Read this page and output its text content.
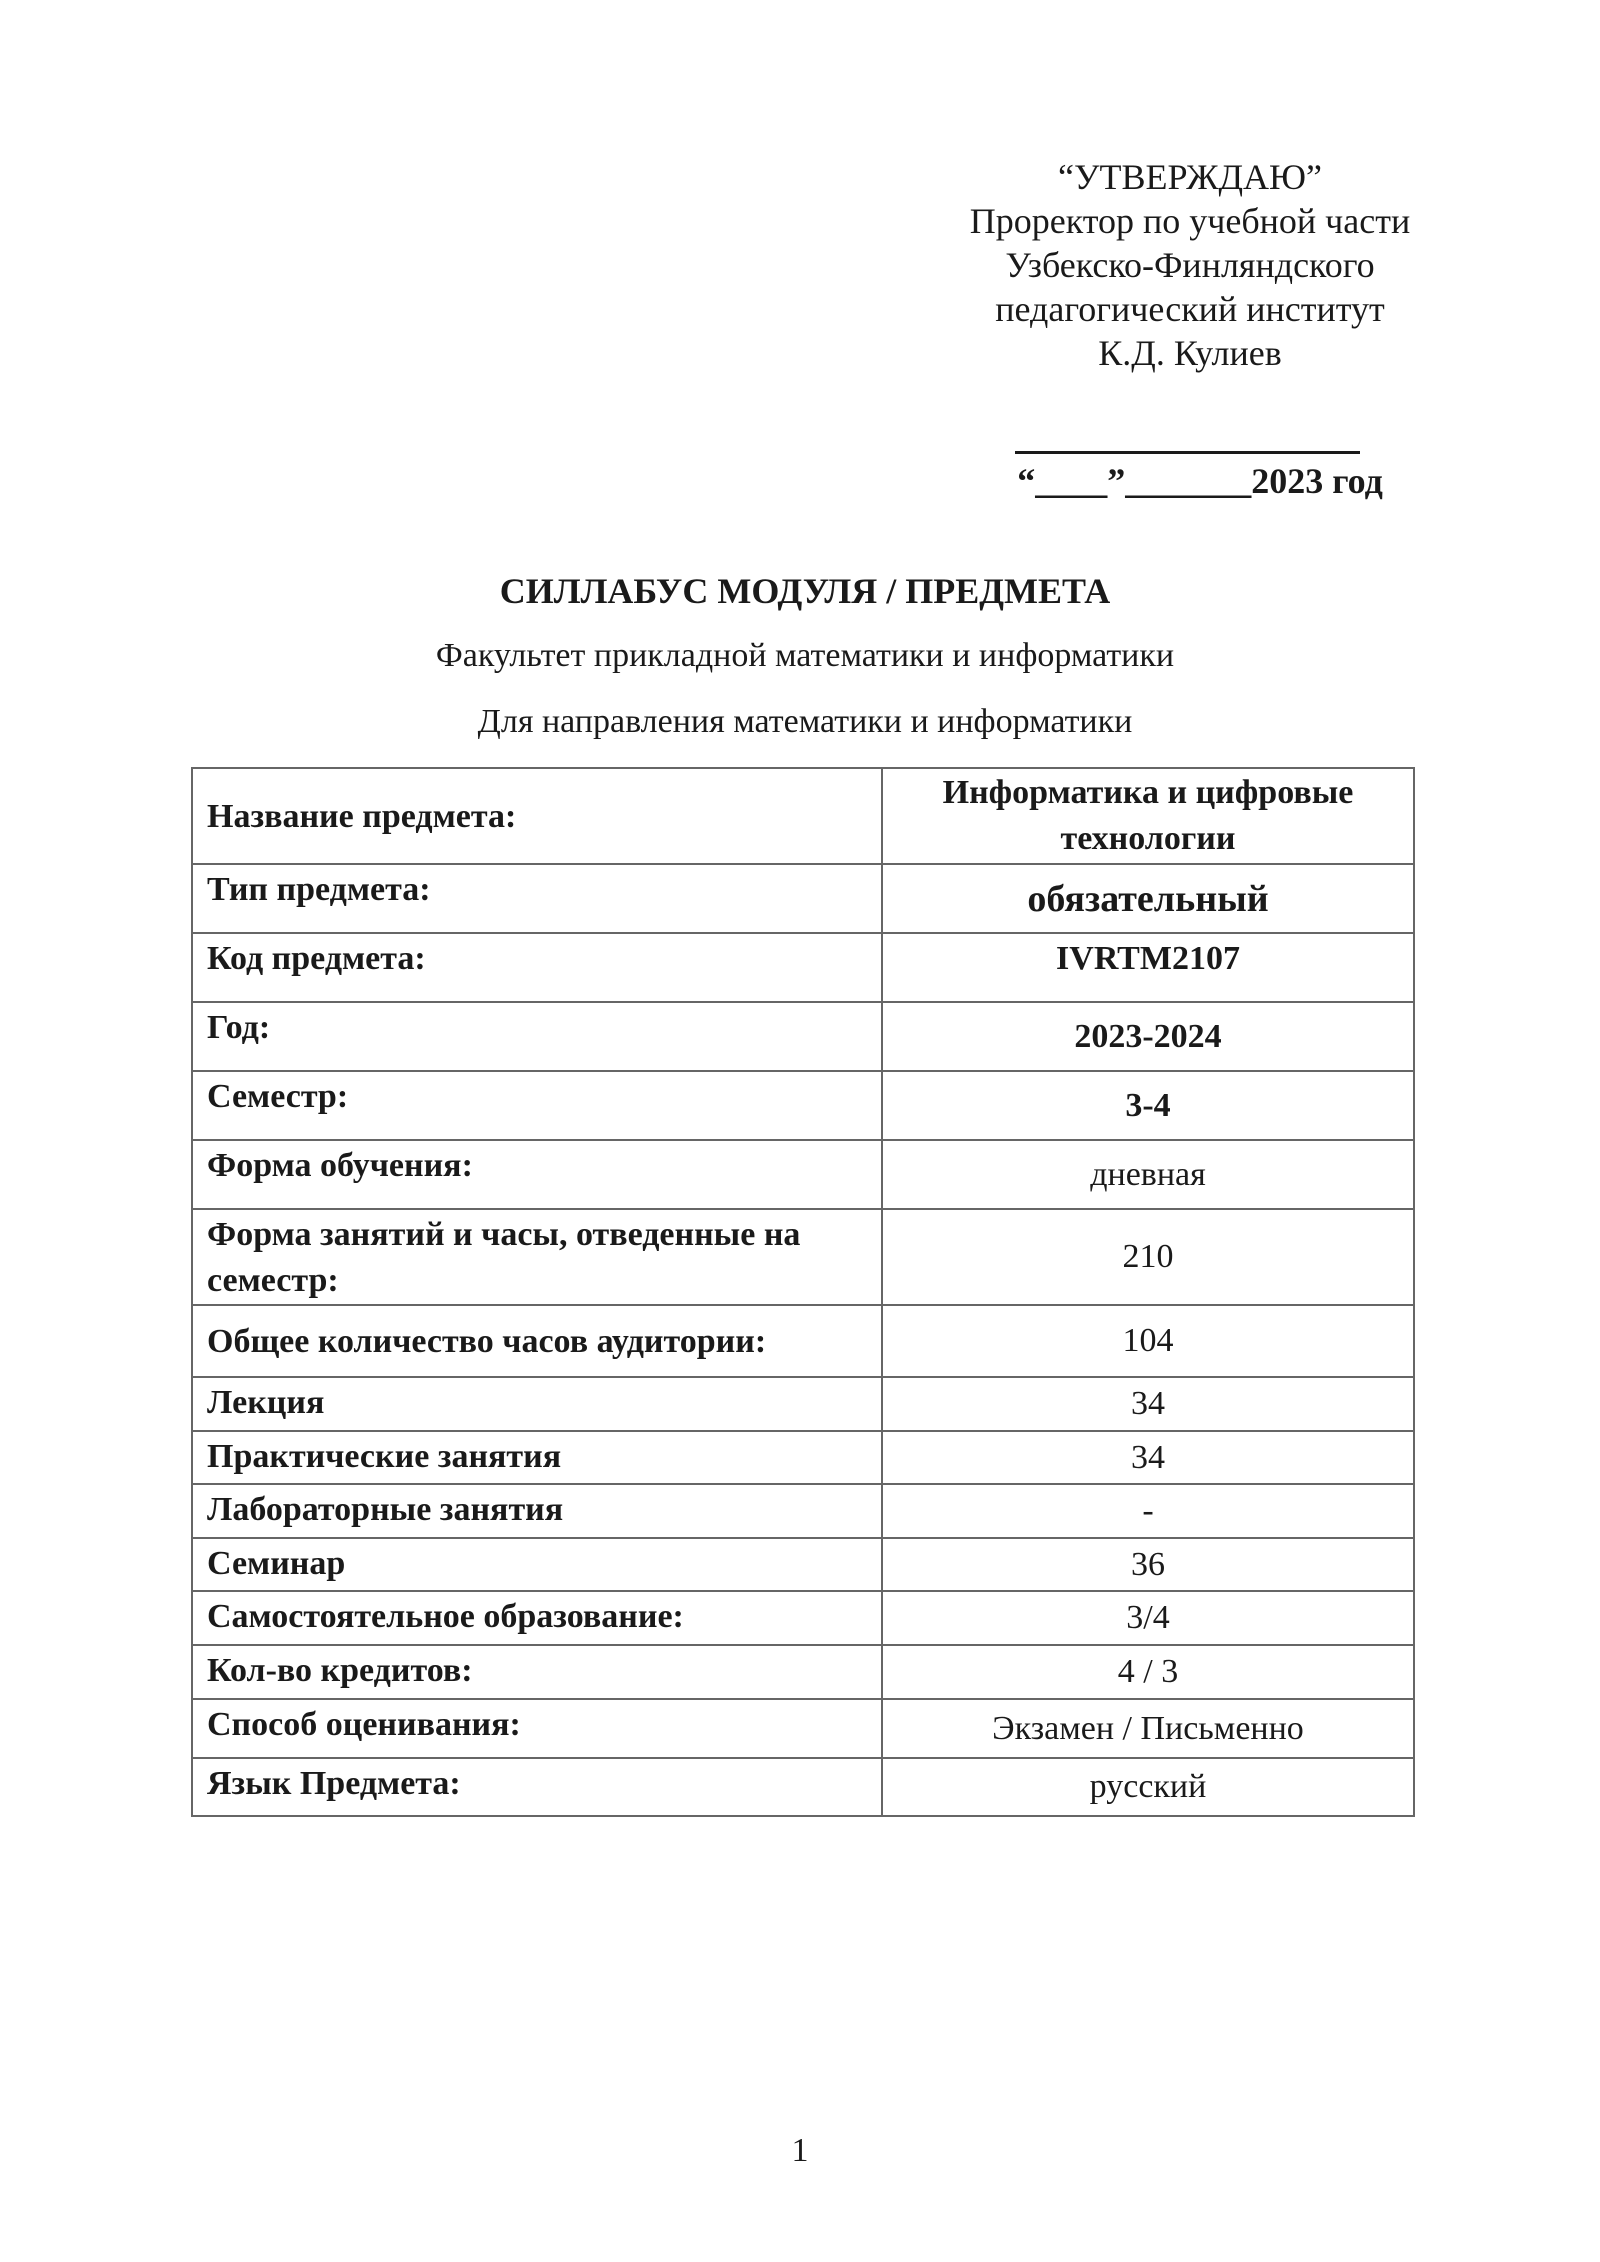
“УТВЕРЖДАЮ”
Проректор по учебной части
Узбекско-Финляндского
педагогический институт
К.Д. Кулиев
“____”_______2023 год
СИЛЛАБУС МОДУЛЯ / ПРЕДМЕТА
Факультет прикладной математики и информатики
Для направления математики и информатики
Название предмета:	Информатика и цифровые технологии
Тип предмета:	обязательный
Код предмета:	IVRTM2107
Год:	2023-2024
Семестр:	3-4
Форма обучения:	дневная
Форма занятий и часы, отведенные на семестр:	210
Общее количество часов аудитории:	104
Лекция	34
Практические занятия	34
Лабораторные занятия	-
Семинар	36
Самостоятельное образование:	3/4
Кол-во кредитов:	4 / 3
Способ оценивания:	Экзамен / Письменно
Язык Предмета:	русский
1
